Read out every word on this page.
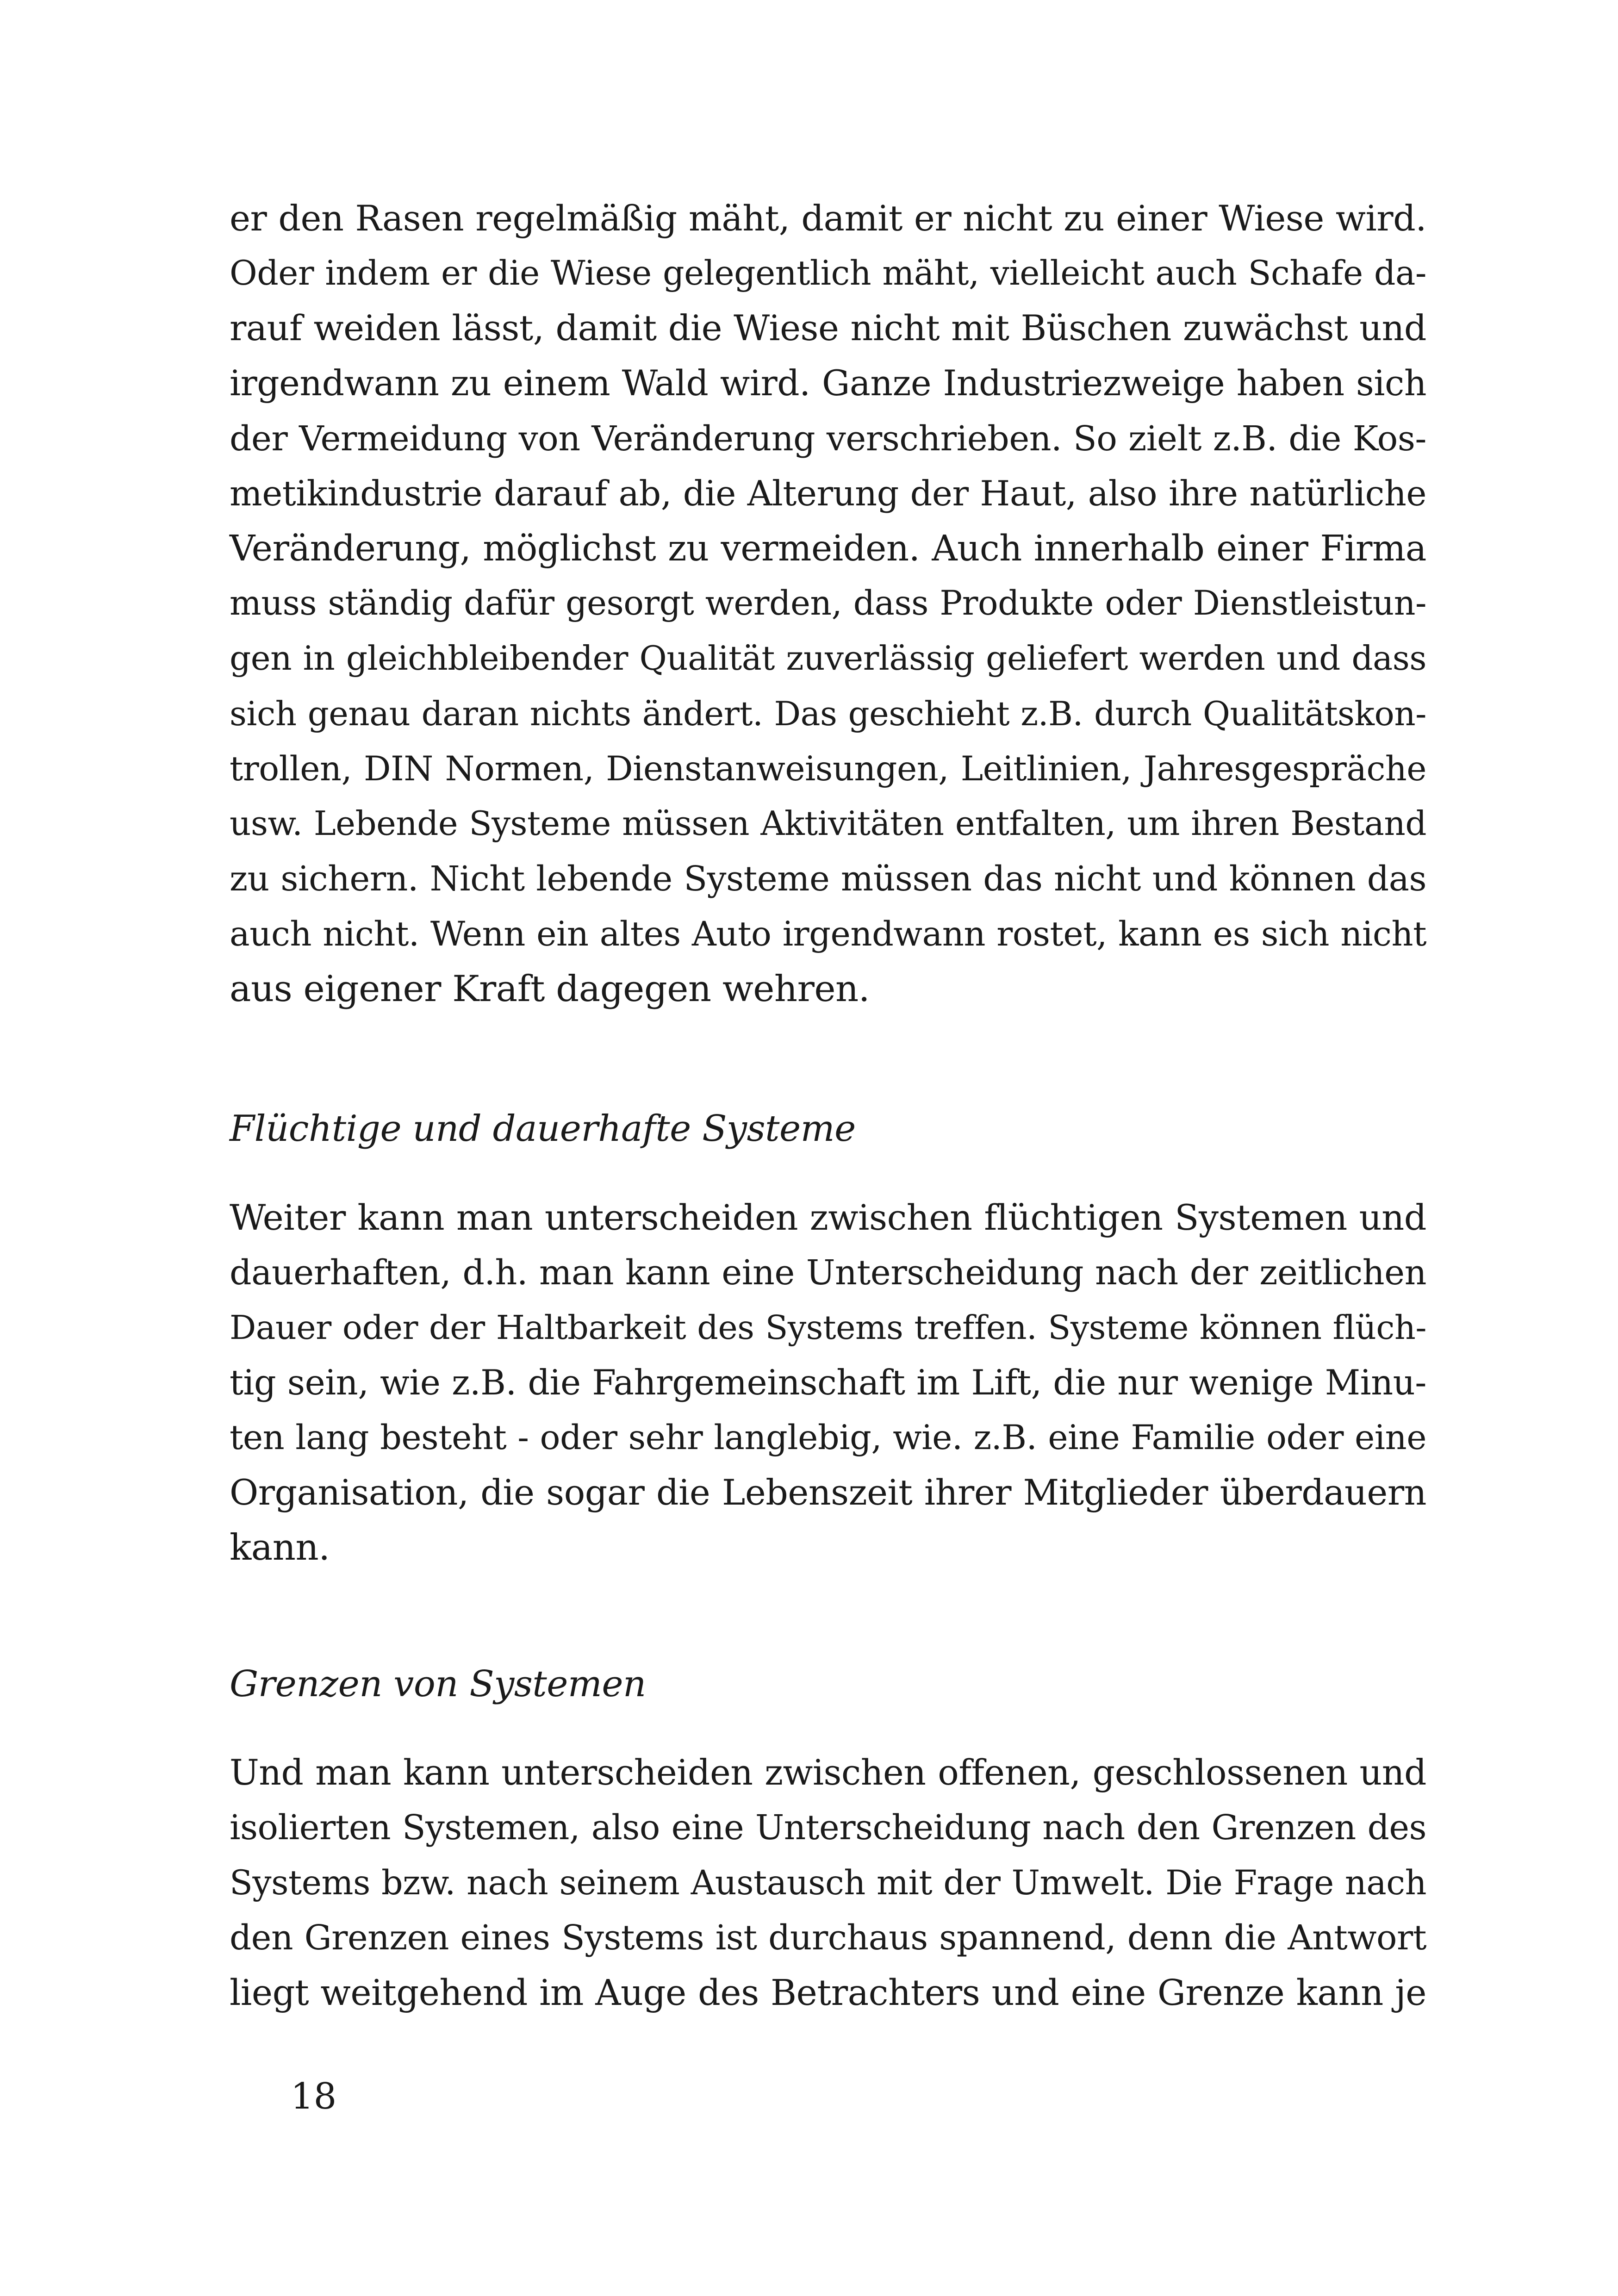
er den Rasen regelmäßig mäht, damit er nicht zu einer Wiese wird.
Oder indem er die Wiese gelegentlich mäht, vielleicht auch Schafe da-
rauf weiden lässt, damit die Wiese nicht mit Büschen zuwächst und
irgendwann zu einem Wald wird. Ganze Industriezweige haben sich
der Vermeidung von Veränderung verschrieben. So zielt z.B. die Kos-
metikindustrie darauf ab, die Alterung der Haut, also ihre natürliche
Veränderung, möglichst zu vermeiden. Auch innerhalb einer Firma
muss ständig dafür gesorgt werden, dass Produkte oder Dienstleistun-
gen in gleichbleibender Qualität zuverlässig geliefert werden und dass
sich genau daran nichts ändert. Das geschieht z.B. durch Qualitätskon-
trollen, DIN Normen, Dienstanweisungen, Leitlinien, Jahresgespräche
usw. Lebende Systeme müssen Aktivitäten entfalten, um ihren Bestand
zu sichern. Nicht lebende Systeme müssen das nicht und können das
auch nicht. Wenn ein altes Auto irgendwann rostet, kann es sich nicht
aus eigener Kraft dagegen wehren.
Flüchtige und dauerhafte Systeme
Weiter kann man unterscheiden zwischen flüchtigen Systemen und
dauerhaften, d.h. man kann eine Unterscheidung nach der zeitlichen
Dauer oder der Haltbarkeit des Systems treffen. Systeme können flüch-
tig sein, wie z.B. die Fahrgemeinschaft im Lift, die nur wenige Minu-
ten lang besteht - oder sehr langlebig, wie. z.B. eine Familie oder eine
Organisation, die sogar die Lebenszeit ihrer Mitglieder überdauern
kann.
Grenzen von Systemen
Und man kann unterscheiden zwischen offenen, geschlossenen und
isolierten Systemen, also eine Unterscheidung nach den Grenzen des
Systems bzw. nach seinem Austausch mit der Umwelt. Die Frage nach
den Grenzen eines Systems ist durchaus spannend, denn die Antwort
liegt weitgehend im Auge des Betrachters und eine Grenze kann je
18
